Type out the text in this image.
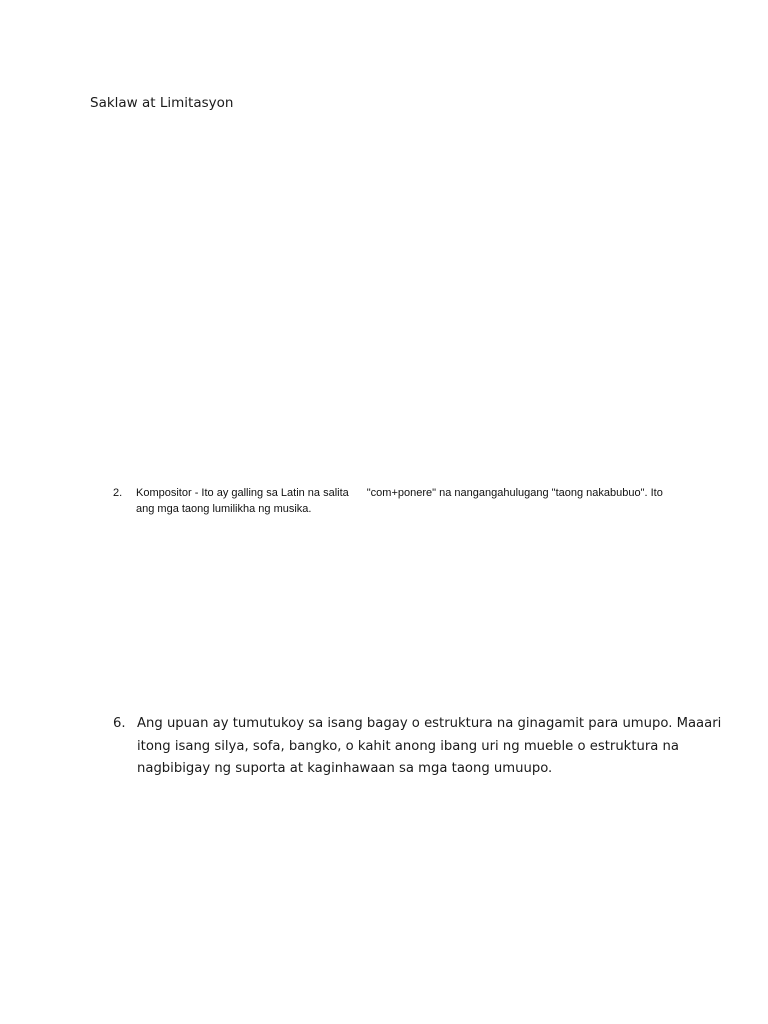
Saklaw at Limitasyon
2. Kompositor - Ito ay galling sa Latin na salita "com+ponere" na nangangahulugang "taong nakabubuo". Ito
ang mga taong lumilikha ng musika.
6. Ang upuan ay tumutukoy sa isang bagay o estruktura na ginagamit para umupo. Maaari
itong isang silya, sofa, bangko, o kahit anong ibang uri ng mueble o estruktura na
nagbibigay ng suporta at kaginhawaan sa mga taong umuupo.
